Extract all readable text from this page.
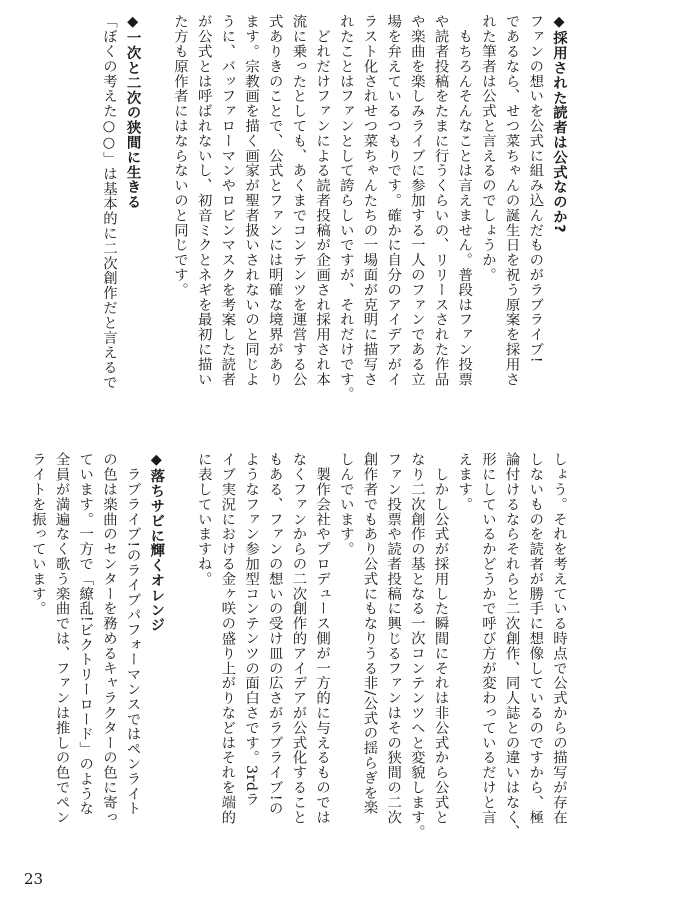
◆採用された読者は公式なのか?
ファンの想いを公式に組み込んだものがラブライブ!
であるなら、せつ菜ちゃんの誕生日を祝う原案を採用さ
れた筆者は公式と言えるのでしょうか。
　もちろんそんなことは言えません。普段はファン投票
や読者投稿をたまに行うくらいの、リリースされた作品
や楽曲を楽しみライブに参加する一人のファンである立
場を弁えているつもりです。確かに自分のアイデアがイ
ラスト化されせつ菜ちゃんたちの一場面が克明に描写さ
れたことはファンとして誇らしいですが、それだけです。
　どれだけファンによる読者投稿が企画され採用され本
流に乗ったとしても、あくまでコンテンツを運営する公
式ありきのことで、公式とファンには明確な境界があり
ます。宗教画を描く画家が聖者扱いされないのと同じよ
うに、バッファローマンやロビンマスクを考案した読者
が公式とは呼ばれないし、初音ミクとネギを最初に描い
た方も原作者にはならないのと同じです。
◆一次と二次の狭間に生きる
「ぼくの考えた○○」は基本的に二次創作だと言えるで
しょう。それを考えている時点で公式からの描写が存在
しないものを読者が勝手に想像しているのですから、極
論付けるならそれらと二次創作、同人誌との違いはなく、
形にしているかどうかで呼び方が変わっているだけと言
えます。
　しかし公式が採用した瞬間にそれは非公式から公式と
なり二次創作の基となる一次コンテンツへと変貌します。
ファン投票や読者投稿に興じるファンはその狭間の二次
創作者でもあり公式にもなりうる非/公式の揺らぎを楽
しんでいます。
　製作会社やプロデュース側が一方的に与えるものでは
なくファンからの二次創作的アイデアが公式化すること
もある、ファンの想いの受け皿の広さがラブライブ!の
ようなファン参加型コンテンツの面白さです。3rdラ
イブ実況における金ヶ咲の盛り上がりなどはそれを端的
に表していますね。
◆落ちサビに輝くオレンジ
　ラブライブ!のライブパフォーマンスではペンライト
の色は楽曲のセンターを務めるキャラクターの色に寄っ
ています。一方で「繚乱!ビクトリーロード」のような
全員が満遍なく歌う楽曲では、ファンは推しの色でペン
ライトを振っています。
23
